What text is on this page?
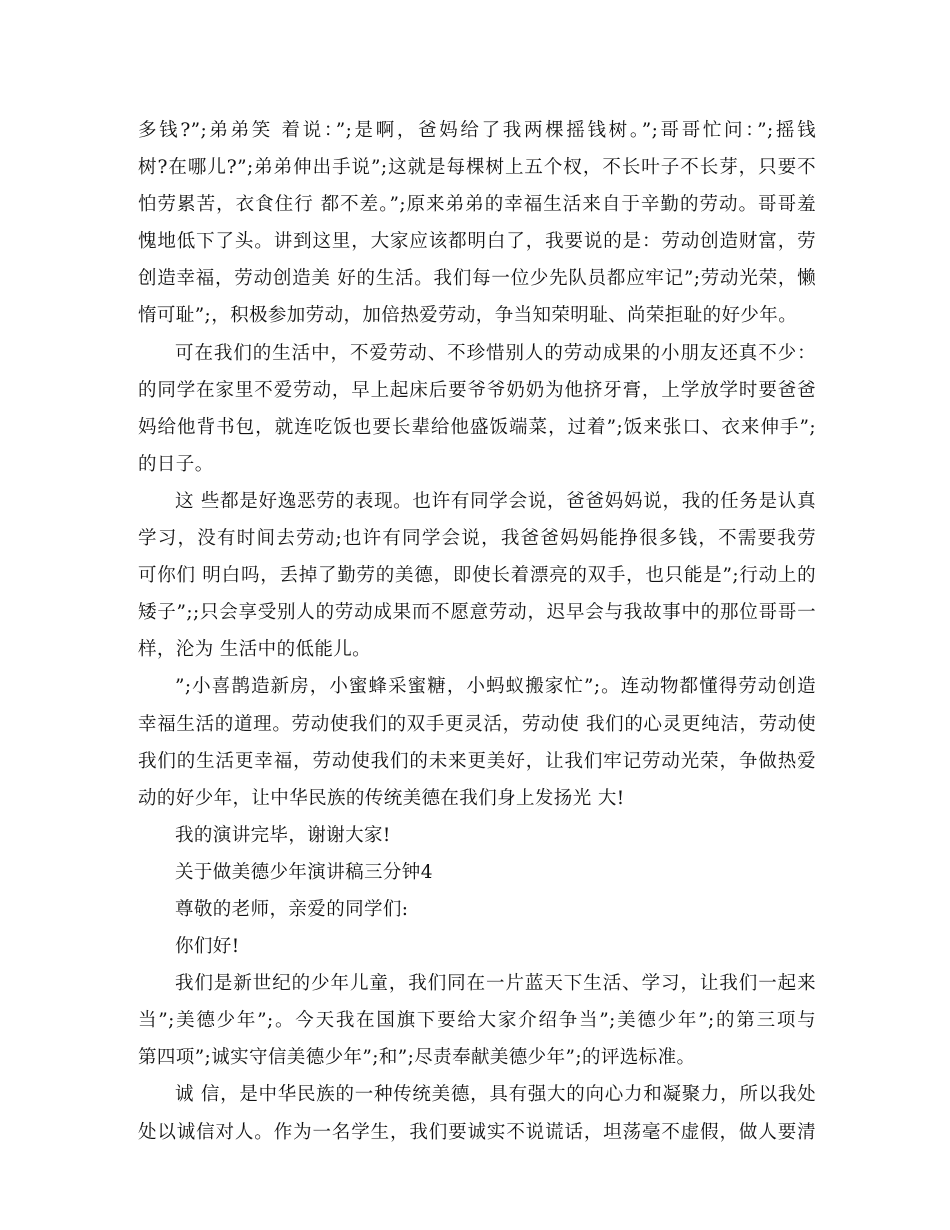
多钱?”;弟弟笑 着说：”;是啊，爸妈给了我两棵摇钱树。”;哥哥忙问：”;摇钱
树?在哪儿?”;弟弟伸出手说”;这就是每棵树上五个杈，不长叶子不长芽，只要不
怕劳累苦，衣食住行 都不差。”;原来弟弟的幸福生活来自于辛勤的劳动。哥哥羞
愧地低下了头。讲到这里，大家应该都明白了，我要说的是：劳动创造财富，劳
创造幸福，劳动创造美 好的生活。我们每一位少先队员都应牢记”;劳动光荣，懒
惰可耻”;，积极参加劳动，加倍热爱劳动，争当知荣明耻、尚荣拒耻的好少年。
可在我们的生活中，不爱劳动、不珍惜别人的劳动成果的小朋友还真不少：
的同学在家里不爱劳动，早上起床后要爷爷奶奶为他挤牙膏，上学放学时要爸爸
妈给他背书包，就连吃饭也要长辈给他盛饭端菜，过着”;饭来张口、衣来伸手”;
的日子。
这 些都是好逸恶劳的表现。也许有同学会说，爸爸妈妈说，我的任务是认真
学习，没有时间去劳动;也许有同学会说，我爸爸妈妈能挣很多钱，不需要我劳
可你们 明白吗，丢掉了勤劳的美德，即使长着漂亮的双手，也只能是”;行动上的
矮子”;;只会享受别人的劳动成果而不愿意劳动，迟早会与我故事中的那位哥哥一
样，沦为 生活中的低能儿。
”;小喜鹊造新房，小蜜蜂采蜜糖，小蚂蚁搬家忙”;。连动物都懂得劳动创造
幸福生活的道理。劳动使我们的双手更灵活，劳动使 我们的心灵更纯洁，劳动使
我们的生活更幸福，劳动使我们的未来更美好，让我们牢记劳动光荣，争做热爱
动的好少年，让中华民族的传统美德在我们身上发扬光 大!
我的演讲完毕，谢谢大家!
关于做美德少年演讲稿三分钟4
尊敬的老师，亲爱的同学们:
你们好!
我们是新世纪的少年儿童，我们同在一片蓝天下生活、学习，让我们一起来
当”;美德少年”;。今天我在国旗下要给大家介绍争当”;美德少年”;的第三项与
第四项”;诚实守信美德少年”;和”;尽责奉献美德少年”;的评选标准。
诚 信，是中华民族的一种传统美德，具有强大的向心力和凝聚力，所以我处
处以诚信对人。作为一名学生，我们要诚实不说谎话，坦荡毫不虚假，做人要清
